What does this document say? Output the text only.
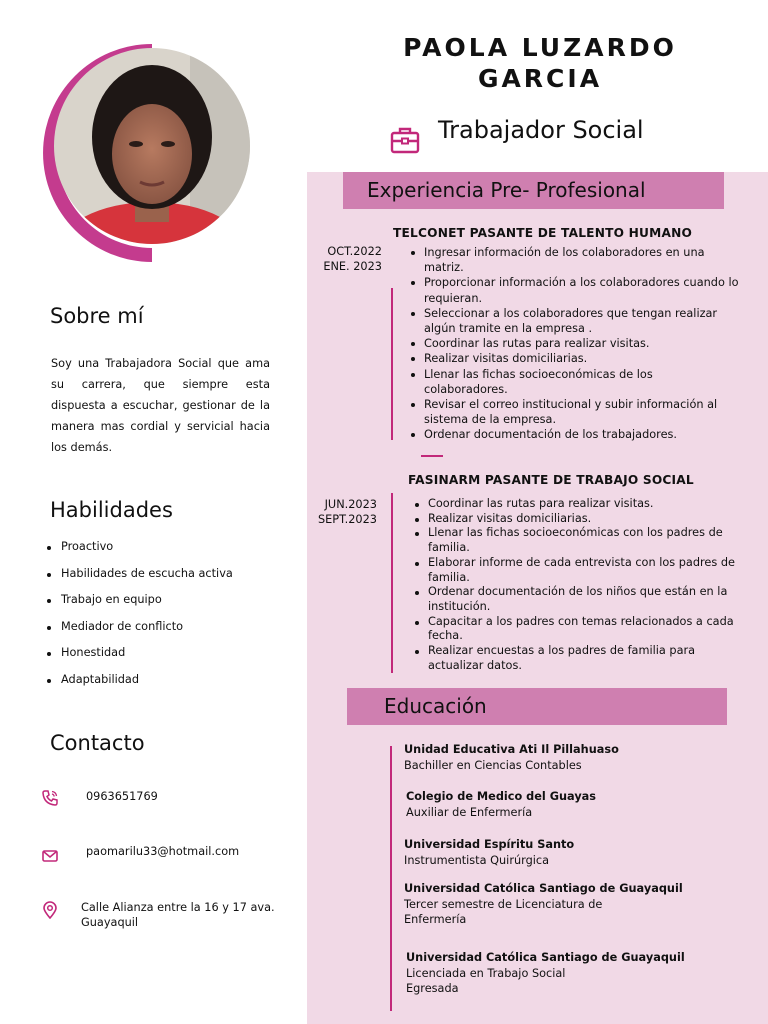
PAOLA LUZARDO
GARCIA
Trabajador Social
Sobre mí
Soy una Trabajadora Social que ama su carrera, que siempre esta dispuesta a escuchar, gestionar de la manera mas cordial y servicial hacia los demás.
Habilidades
Proactivo
Habilidades de escucha activa
Trabajo en equipo
Mediador de conflicto
Honestidad
Adaptabilidad
Contacto
0963651769
paomarilu33@hotmail.com
Calle Alianza entre la 16 y 17 ava.
Guayaquil
Experiencia Pre- Profesional
TELCONET PASANTE DE TALENTO HUMANO
OCT.2022
ENE. 2023
Ingresar información de los colaboradores en una matriz.
Proporcionar información a los colaboradores cuando lo requieran.
Seleccionar a los colaboradores que tengan realizar algún tramite en la empresa .
Coordinar las rutas para realizar visitas.
Realizar visitas domiciliarias.
Llenar las fichas socioeconómicas de los colaboradores.
Revisar el correo institucional y subir información al sistema de la empresa.
Ordenar documentación de los trabajadores.
FASINARM PASANTE DE TRABAJO SOCIAL
JUN.2023
SEPT.2023
Coordinar las rutas para realizar visitas.
Realizar visitas domiciliarias.
Llenar las fichas socioeconómicas con los padres de familia.
Elaborar informe de cada entrevista con los padres de familia.
Ordenar documentación de los niños que están en la institución.
Capacitar a los padres con temas relacionados a cada fecha.
Realizar encuestas a los padres de familia para actualizar datos.
Educación
Unidad Educativa Ati Il Pillahuaso
Bachiller en Ciencias Contables
Colegio de Medico del Guayas
Auxiliar de Enfermería
Universidad Espíritu Santo
Instrumentista Quirúrgica
Universidad Católica Santiago de Guayaquil
Tercer semestre de Licenciatura de
Enfermería
Universidad Católica Santiago de Guayaquil
Licenciada en Trabajo Social
Egresada
